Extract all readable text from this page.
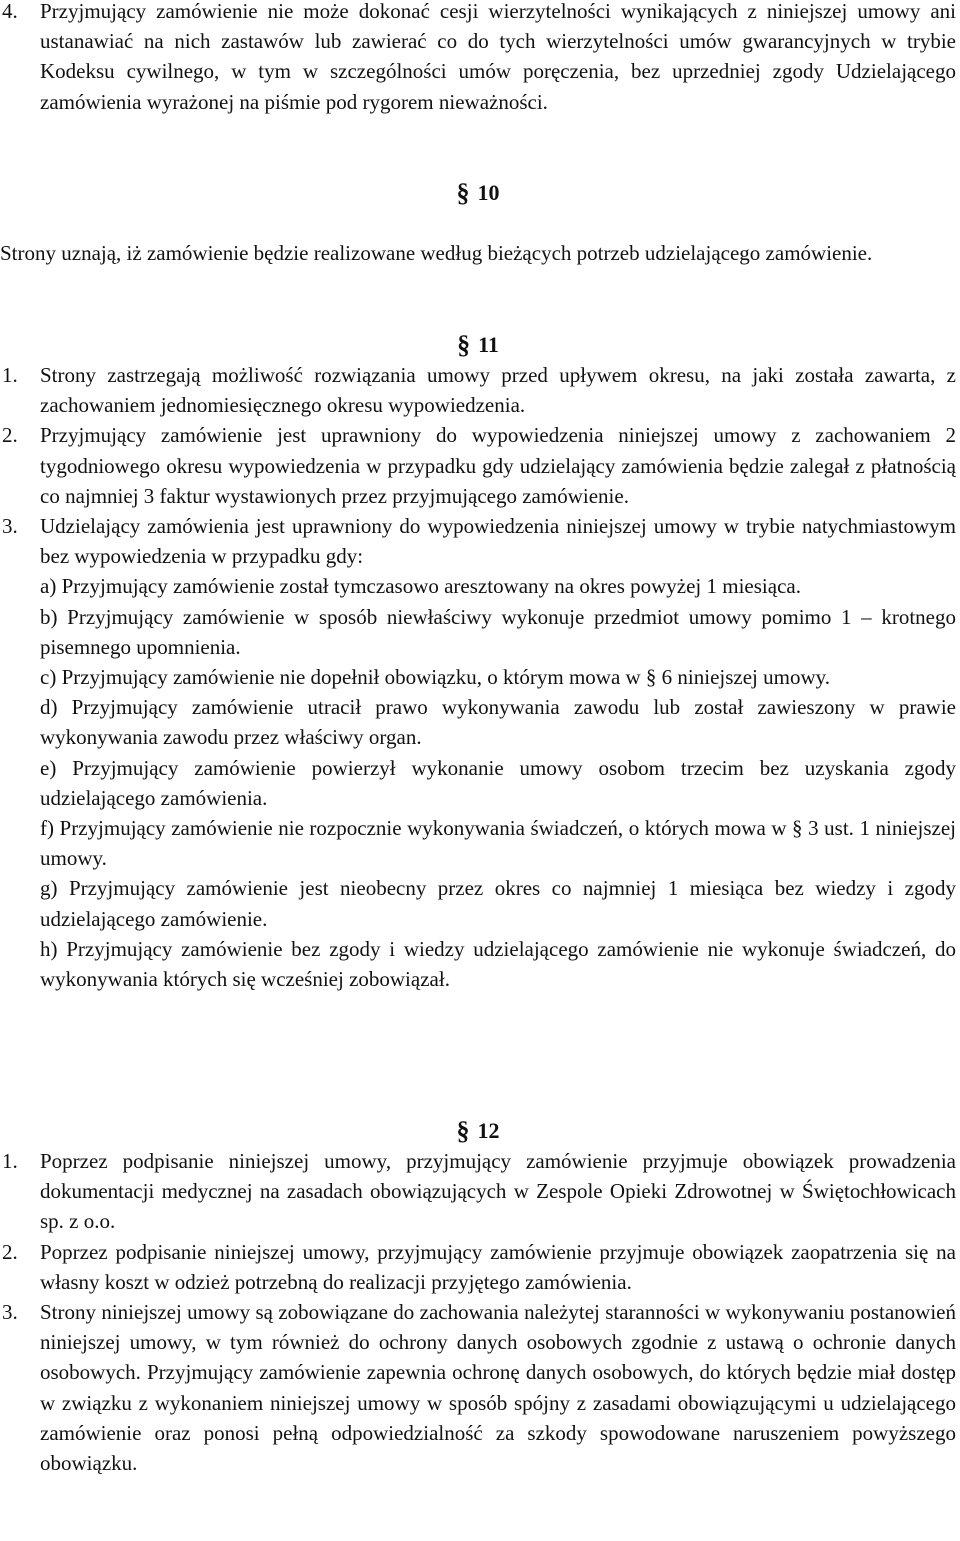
4.	Przyjmujący zamówienie nie może dokonać cesji wierzytelności wynikających z niniejszej umowy ani ustanawiać na nich zastawów lub zawierać co do tych wierzytelności umów gwarancyjnych w trybie Kodeksu cywilnego, w tym w szczególności umów poręczenia, bez uprzedniej zgody Udzielającego zamówienia wyrażonej na piśmie pod rygorem nieważności.
§ 10

Strony uznają, iż zamówienie będzie realizowane według bieżących potrzeb udzielającego zamówienie.

§ 11
1.	Strony zastrzegają możliwość rozwiązania umowy przed upływem okresu, na jaki została zawarta, z zachowaniem jednomiesięcznego okresu wypowiedzenia.
2.	Przyjmujący zamówienie jest uprawniony do wypowiedzenia niniejszej umowy z zachowaniem 2 tygodniowego okresu wypowiedzenia w przypadku gdy udzielający zamówienia będzie zalegał z płatnością co najmniej 3 faktur wystawionych przez przyjmującego zamówienie.
3.	Udzielający zamówienia jest uprawniony do wypowiedzenia niniejszej umowy w trybie natychmiastowym bez wypowiedzenia w przypadku gdy:

a) Przyjmujący zamówienie został tymczasowo aresztowany na okres powyżej 1 miesiąca.

b) Przyjmujący zamówienie w sposób niewłaściwy wykonuje przedmiot umowy pomimo 1 – krotnego pisemnego upomnienia.

c) Przyjmujący zamówienie nie dopełnił obowiązku, o którym mowa w § 6 niniejszej umowy.

d) Przyjmujący zamówienie utracił prawo wykonywania zawodu lub został zawieszony w prawie wykonywania zawodu przez właściwy organ.

e) Przyjmujący zamówienie powierzył wykonanie umowy osobom trzecim bez uzyskania zgody udzielającego zamówienia.

f) Przyjmujący zamówienie nie rozpocznie wykonywania świadczeń, o których mowa w § 3 ust. 1 niniejszej umowy.

g) Przyjmujący zamówienie jest nieobecny przez okres co najmniej 1 miesiąca bez wiedzy i zgody udzielającego zamówienie.

h) Przyjmujący zamówienie bez zgody i wiedzy udzielającego zamówienie nie wykonuje świadczeń, do wykonywania których się wcześniej zobowiązał.

§ 12
1.	Poprzez podpisanie niniejszej umowy, przyjmujący zamówienie przyjmuje obowiązek prowadzenia dokumentacji medycznej na zasadach obowiązujących w Zespole Opieki Zdrowotnej w Świętochłowicach sp. z o.o.
2.	Poprzez podpisanie niniejszej umowy, przyjmujący zamówienie przyjmuje obowiązek zaopatrzenia się na własny koszt w odzież potrzebną do realizacji przyjętego zamówienia.
3.	Strony niniejszej umowy są zobowiązane do zachowania należytej staranności w wykonywaniu postanowień niniejszej umowy, w tym również do ochrony danych osobowych zgodnie z ustawą o ochronie danych osobowych. Przyjmujący zamówienie zapewnia ochronę danych osobowych, do których będzie miał dostęp w związku z wykonaniem niniejszej umowy w sposób spójny z zasadami obowiązującymi u udzielającego zamówienie oraz ponosi pełną odpowiedzialność za szkody spowodowane naruszeniem powyższego obowiązku.
